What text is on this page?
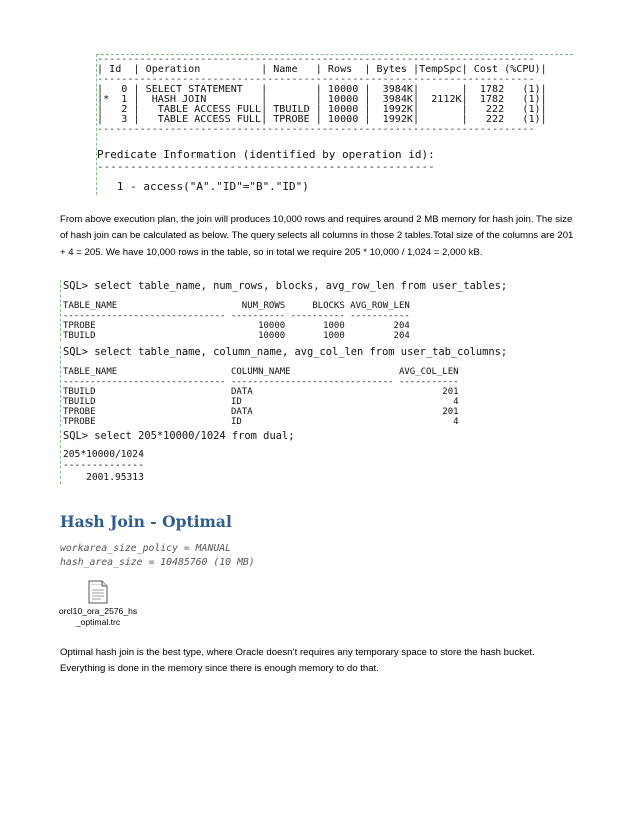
------------------------------------------------------------------------
| Id  | Operation          | Name   | Rows  | Bytes |TempSpc| Cost (%CPU)|
------------------------------------------------------------------------
|   0 | SELECT STATEMENT   |        | 10000 |  3984K|       |  1782   (1)|
|*  1 |  HASH JOIN         |        | 10000 |  3984K|  2112K|  1782   (1)|
|   2 |   TABLE ACCESS FULL| TBUILD | 10000 |  1992K|       |   222   (1)|
|   3 |   TABLE ACCESS FULL| TPROBE | 10000 |  1992K|       |   222   (1)|
------------------------------------------------------------------------

Predicate Information (identified by operation id):
---------------------------------------------------

1 - access("A"."ID"="B"."ID")
From above execution plan, the join will produces 10,000 rows and requires around 2 MB memory for hash join. The size of hash join can be calculated as below. The query selects all columns in those 2 tables.Total size of the columns are 201 + 4 = 205. We have 10,000 rows in the table, so in total we require 205 * 10,000 / 1,024 = 2,000 kB.
SQL> select table_name, num_rows, blocks, avg_row_len from user_tables;

TABLE_NAME                       NUM_ROWS     BLOCKS AVG_ROW_LEN
------------------------------ ---------- ---------- -----------
TPROBE                              10000       1000         204
TBUILD                              10000       1000         204
SQL> select table_name, column_name, avg_col_len from user_tab_columns;

TABLE_NAME                     COLUMN_NAME                    AVG_COL_LEN
------------------------------ ------------------------------ -----------
TBUILD                         DATA                                   201
TBUILD                         ID                                       4
TPROBE                         DATA                                   201
TPROBE                         ID                                       4
SQL> select 205*10000/1024 from dual;

205*10000/1024
--------------
2001.95313
Hash Join - Optimal
workarea_size_policy = MANUAL
hash_area_size = 10485760 (10 MB)
orcl10_ora_2576_hs
_optimal.trc
Optimal hash join is the best type, where Oracle doesn’t requires any temporary space to store the hash bucket. Everything is done in the memory since there is enough memory to do that.
